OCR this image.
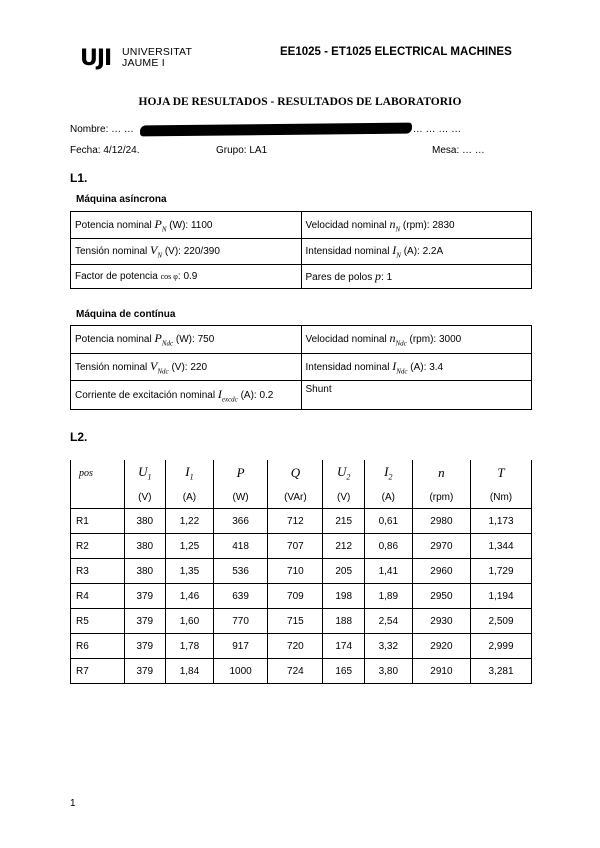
UJI UNIVERSITAT
JAUME I
EE1025 - ET1025 ELECTRICAL MACHINES
HOJA DE RESULTADOS - RESULTADOS DE LABORATORIO
Nombre: … …	… … … … …
Fecha: 4/12/24.	Grupo: LA1	Mesa: … …
L1.
Máquina asíncrona
Potencia nominal $P_N$ (W): 1100	Velocidad nominal $n_N$ (rpm): 2830
Tensión nominal $V_N$ (V): 220/390	Intensidad nominal $I_N$ (A): 2.2A
Factor de potencia cos φ: 0.9	Pares de polos p: 1
Máquina de contínua
Potencia nominal $P_{Ndc}$ (W): 750	Velocidad nominal $n_{Ndc}$ (rpm): 3000
Tensión nominal $V_{Ndc}$ (V): 220	Intensidad nominal $I_{Ndc}$ (A): 3.4
Corriente de excitación nominal $I_{excdc}$ (A): 0.2	Shunt
L2.
pos	$U_1$	$I_1$	P	Q	$U_2$	$I_2$	n	T
	(V)	(A)	(W)	(VAr)	(V)	(A)	(rpm)	(Nm)
R1	380	1,22	366	712	215	0,61	2980	1,173
R2	380	1,25	418	707	212	0,86	2970	1,344
R3	380	1,35	536	710	205	1,41	2960	1,729
R4	379	1,46	639	709	198	1,89	2950	1,194
R5	379	1,60	770	715	188	2,54	2930	2,509
R6	379	1,78	917	720	174	3,32	2920	2,999
R7	379	1,84	1000	724	165	3,80	2910	3,281
1
